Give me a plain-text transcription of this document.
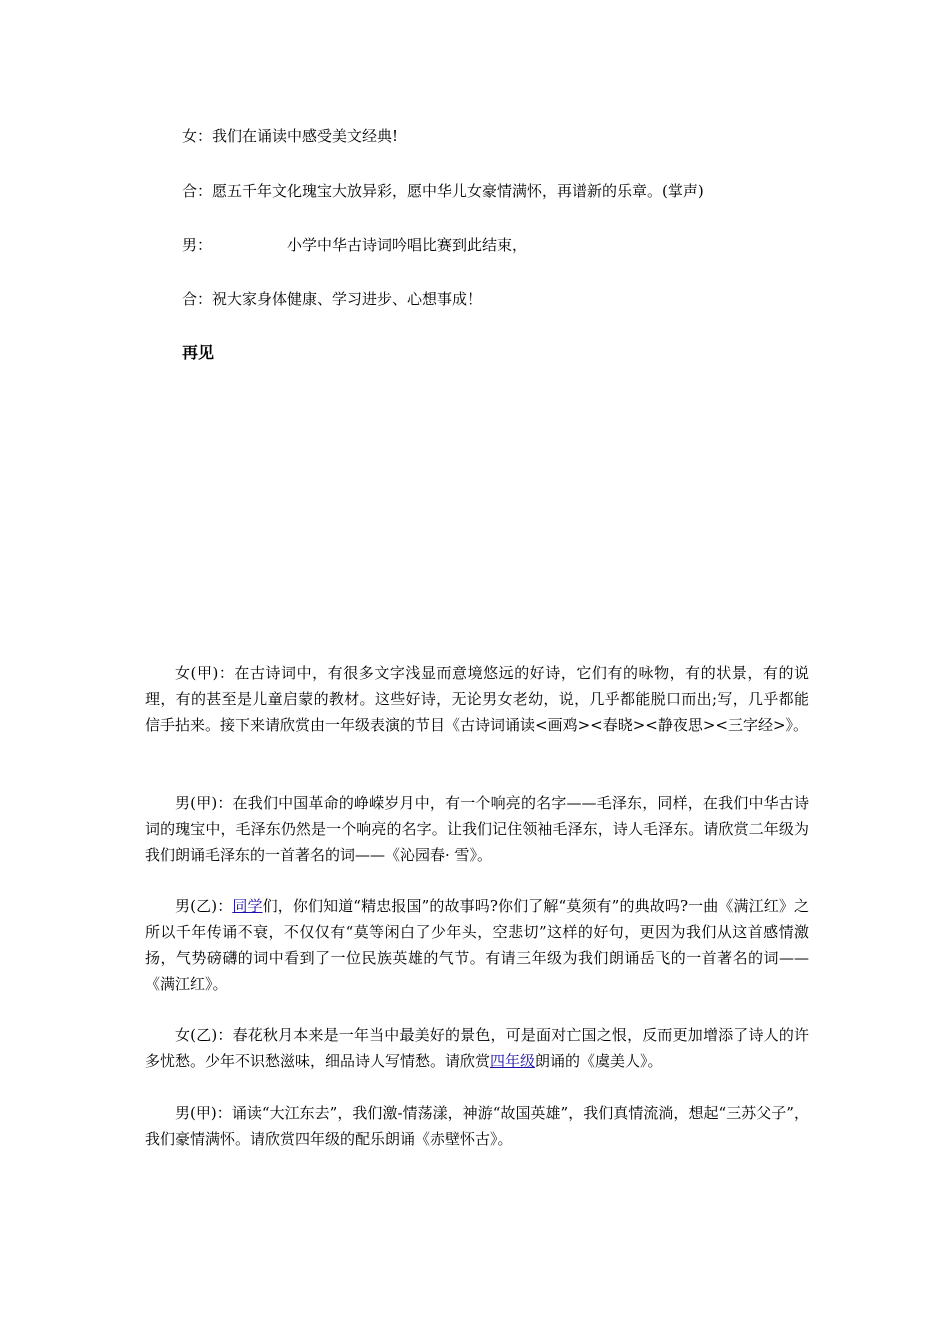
女：我们在诵读中感受美文经典!
合：愿五千年文化瑰宝大放异彩，愿中华儿女豪情满怀，再谱新的乐章。(掌声)
男：	小学中华古诗词吟唱比赛到此结束，
合：祝大家身体健康、学习进步、心想事成！
再见

女(甲)：在古诗词中，有很多文字浅显而意境悠远的好诗，它们有的咏物，有的状景，有的说理，有的甚至是儿童启蒙的教材。这些好诗，无论男女老幼，说，几乎都能脱口而出;写，几乎都能信手拈来。接下来请欣赏由一年级表演的节目《古诗词诵读<画鸡><春晓><静夜思><三字经>》。

男(甲)：在我们中国革命的峥嵘岁月中，有一个响亮的名字——毛泽东，同样，在我们中华古诗词的瑰宝中，毛泽东仍然是一个响亮的名字。让我们记住领袖毛泽东，诗人毛泽东。请欣赏二年级为我们朗诵毛泽东的一首著名的词——《沁园春· 雪》。

男(乙)：同学们，你们知道“精忠报国”的故事吗?你们了解“莫须有”的典故吗?一曲《满江红》之所以千年传诵不衰，不仅仅有“莫等闲白了少年头，空悲切”这样的好句，更因为我们从这首感情激扬，气势磅礴的词中看到了一位民族英雄的气节。有请三年级为我们朗诵岳飞的一首著名的词——《满江红》。

女(乙)：春花秋月本来是一年当中最美好的景色，可是面对亡国之恨，反而更加增添了诗人的许多忧愁。少年不识愁滋味，细品诗人写情愁。请欣赏四年级朗诵的《虞美人》。

男(甲)：诵读“大江东去”，我们激-情荡漾，神游“故国英雄”，我们真情流淌，想起“三苏父子”，我们豪情满怀。请欣赏四年级的配乐朗诵《赤壁怀古》。
